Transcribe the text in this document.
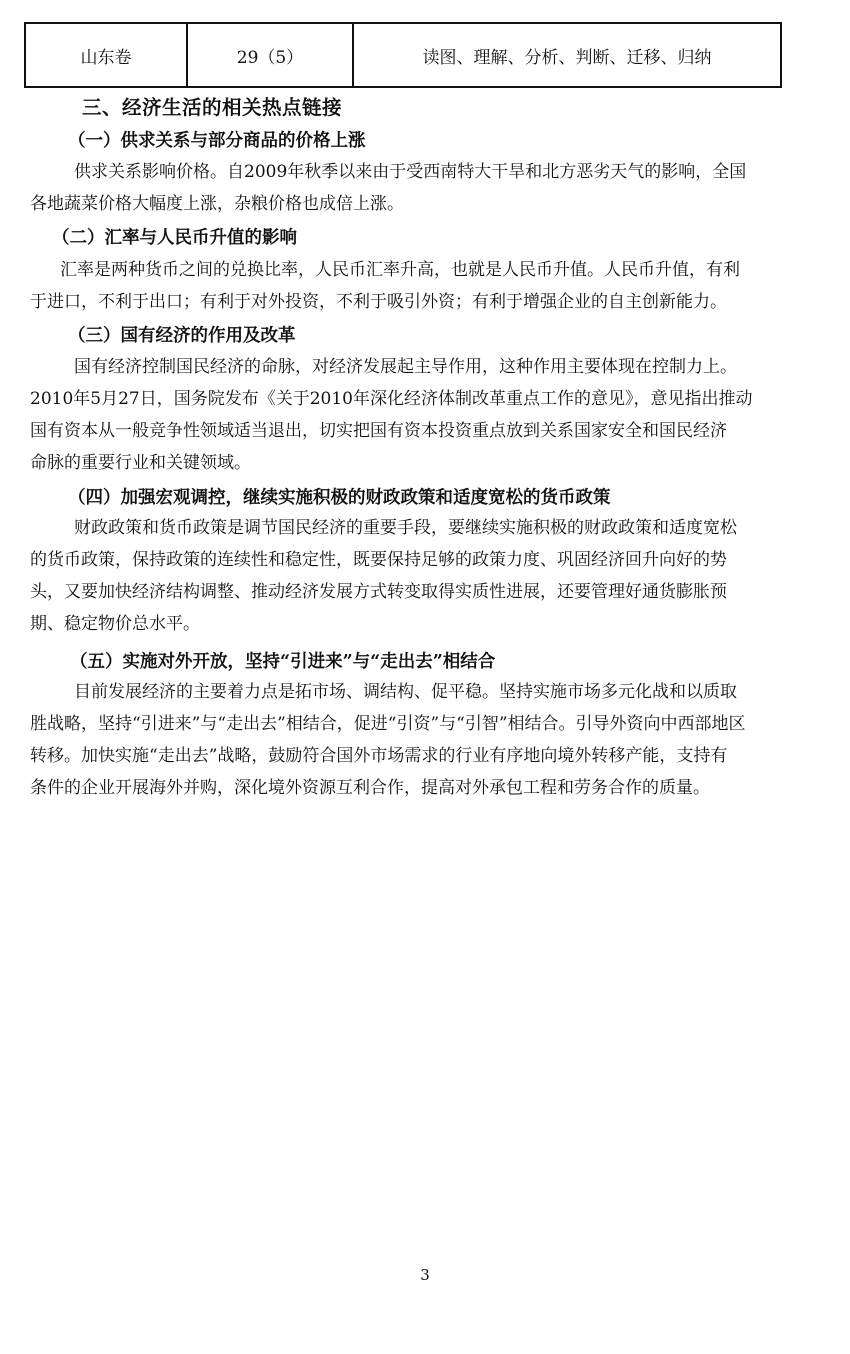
山东卷	29（5）	读图、理解、分析、判断、迁移、归纳
三、经济生活的相关热点链接
（一）供求关系与部分商品的价格上涨

供求关系影响价格。自2009年秋季以来由于受西南特大干旱和北方恶劣天气的影响，全国
各地蔬菜价格大幅度上涨，杂粮价格也成倍上涨。

（二）汇率与人民币升值的影响

汇率是两种货币之间的兑换比率，人民币汇率升高，也就是人民币升值。人民币升值，有利
于进口，不利于出口；有利于对外投资，不利于吸引外资；有利于增强企业的自主创新能力。

（三）国有经济的作用及改革

国有经济控制国民经济的命脉，对经济发展起主导作用，这种作用主要体现在控制力上。
2010年5月27日，国务院发布《关于2010年深化经济体制改革重点工作的意见》，意见指出推动
国有资本从一般竞争性领域适当退出，切实把国有资本投资重点放到关系国家安全和国民经济
命脉的重要行业和关键领域。

（四）加强宏观调控，继续实施积极的财政政策和适度宽松的货币政策

财政政策和货币政策是调节国民经济的重要手段，要继续实施积极的财政政策和适度宽松
的货币政策，保持政策的连续性和稳定性，既要保持足够的政策力度、巩固经济回升向好的势
头，又要加快经济结构调整、推动经济发展方式转变取得实质性进展，还要管理好通货膨胀预
期、稳定物价总水平。

（五）实施对外开放，坚持“引进来”与“走出去”相结合

目前发展经济的主要着力点是拓市场、调结构、促平稳。坚持实施市场多元化战和以质取
胜战略，坚持“引进来”与“走出去”相结合，促进“引资”与“引智”相结合。引导外资向中西部地区
转移。加快实施“走出去”战略，鼓励符合国外市场需求的行业有序地向境外转移产能，支持有
条件的企业开展海外并购，深化境外资源互利合作，提高对外承包工程和劳务合作的质量。

3
